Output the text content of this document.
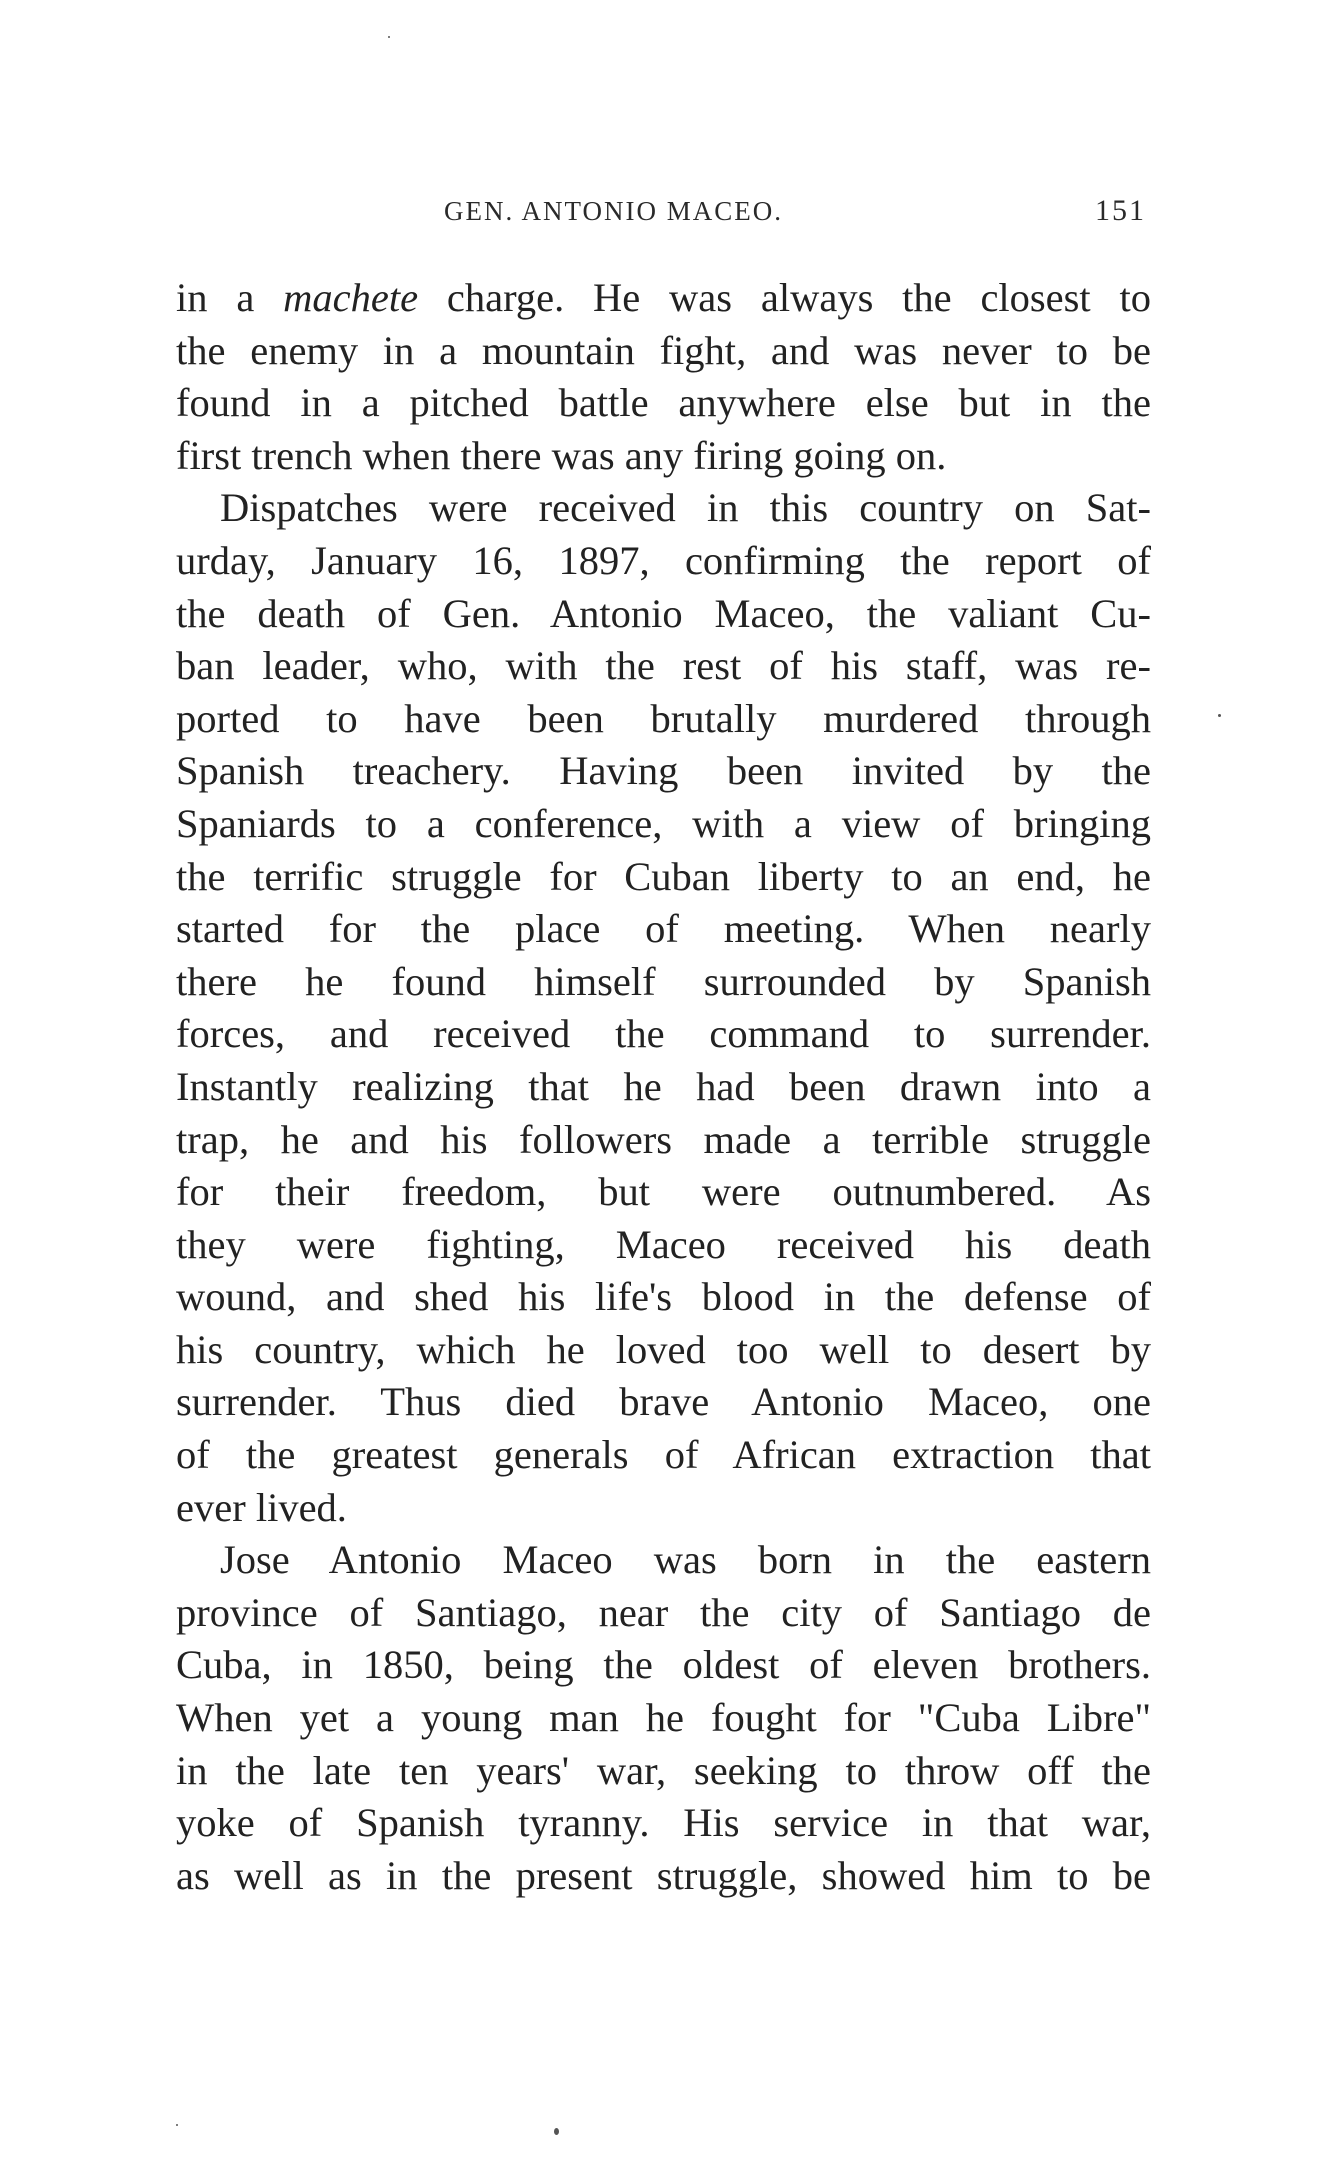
GEN. ANTONIO MACEO.	151

in a machete charge. He was always the closest to
the enemy in a mountain fight, and was never to be
found in a pitched battle anywhere else but in the
first trench when there was any firing going on.

Dispatches were received in this country on Sat-
urday, January 16, 1897, confirming the report of
the death of Gen. Antonio Maceo, the valiant Cu-
ban leader, who, with the rest of his staff, was re-
ported to have been brutally murdered through
Spanish treachery. Having been invited by the
Spaniards to a conference, with a view of bringing
the terrific struggle for Cuban liberty to an end, he
started for the place of meeting. When nearly
there he found himself surrounded by Spanish
forces, and received the command to surrender.
Instantly realizing that he had been drawn into a
trap, he and his followers made a terrible struggle
for their freedom, but were outnumbered. As
they were fighting, Maceo received his death
wound, and shed his life's blood in the defense of
his country, which he loved too well to desert by
surrender. Thus died brave Antonio Maceo, one
of the greatest generals of African extraction that
ever lived.

Jose Antonio Maceo was born in the eastern
province of Santiago, near the city of Santiago de
Cuba, in 1850, being the oldest of eleven brothers.
When yet a young man he fought for "Cuba Libre"
in the late ten years' war, seeking to throw off the
yoke of Spanish tyranny. His service in that war,
as well as in the present struggle, showed him to be
